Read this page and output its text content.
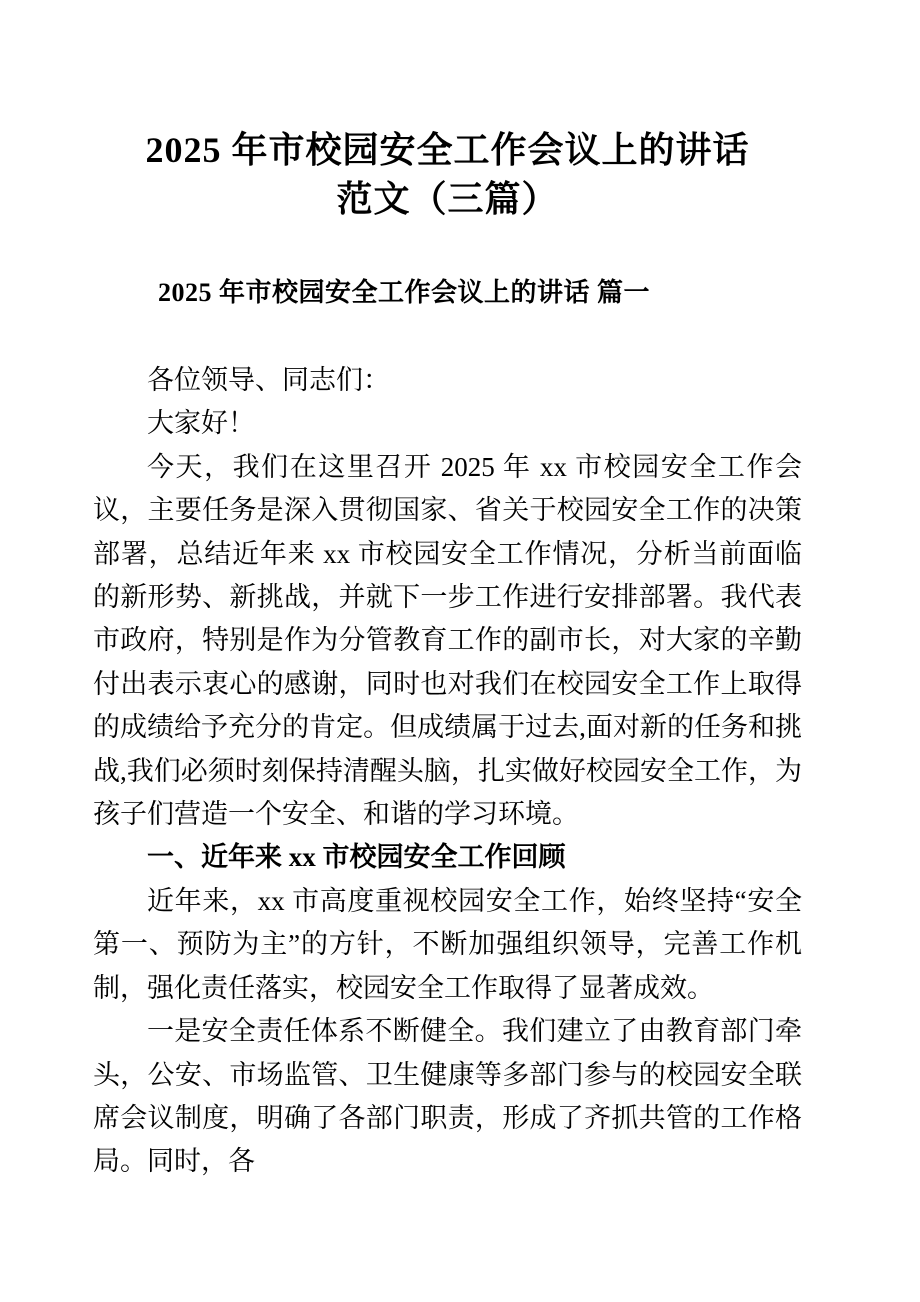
2025 年市校园安全工作会议上的讲话
范文（三篇）
2025 年市校园安全工作会议上的讲话 篇一

各位领导、同志们：

大家好！

今天，我们在这里召开 2025 年 xx 市校园安全工作会议，主要任务是深入贯彻国家、省关于校园安全工作的决策部署，总结近年来 xx 市校园安全工作情况，分析当前面临的新形势、新挑战，并就下一步工作进行安排部署。我代表市政府，特别是作为分管教育工作的副市长，对大家的辛勤付出表示衷心的感谢，同时也对我们在校园安全工作上取得的成绩给予充分的肯定。但成绩属于过去,面对新的任务和挑战,我们必须时刻保持清醒头脑，扎实做好校园安全工作，为孩子们营造一个安全、和谐的学习环境。

一、近年来 xx 市校园安全工作回顾

近年来，xx 市高度重视校园安全工作，始终坚持“安全第一、预防为主”的方针，不断加强组织领导，完善工作机制，强化责任落实，校园安全工作取得了显著成效。

一是安全责任体系不断健全。我们建立了由教育部门牵头，公安、市场监管、卫生健康等多部门参与的校园安全联席会议制度，明确了各部门职责，形成了齐抓共管的工作格局。同时，各
